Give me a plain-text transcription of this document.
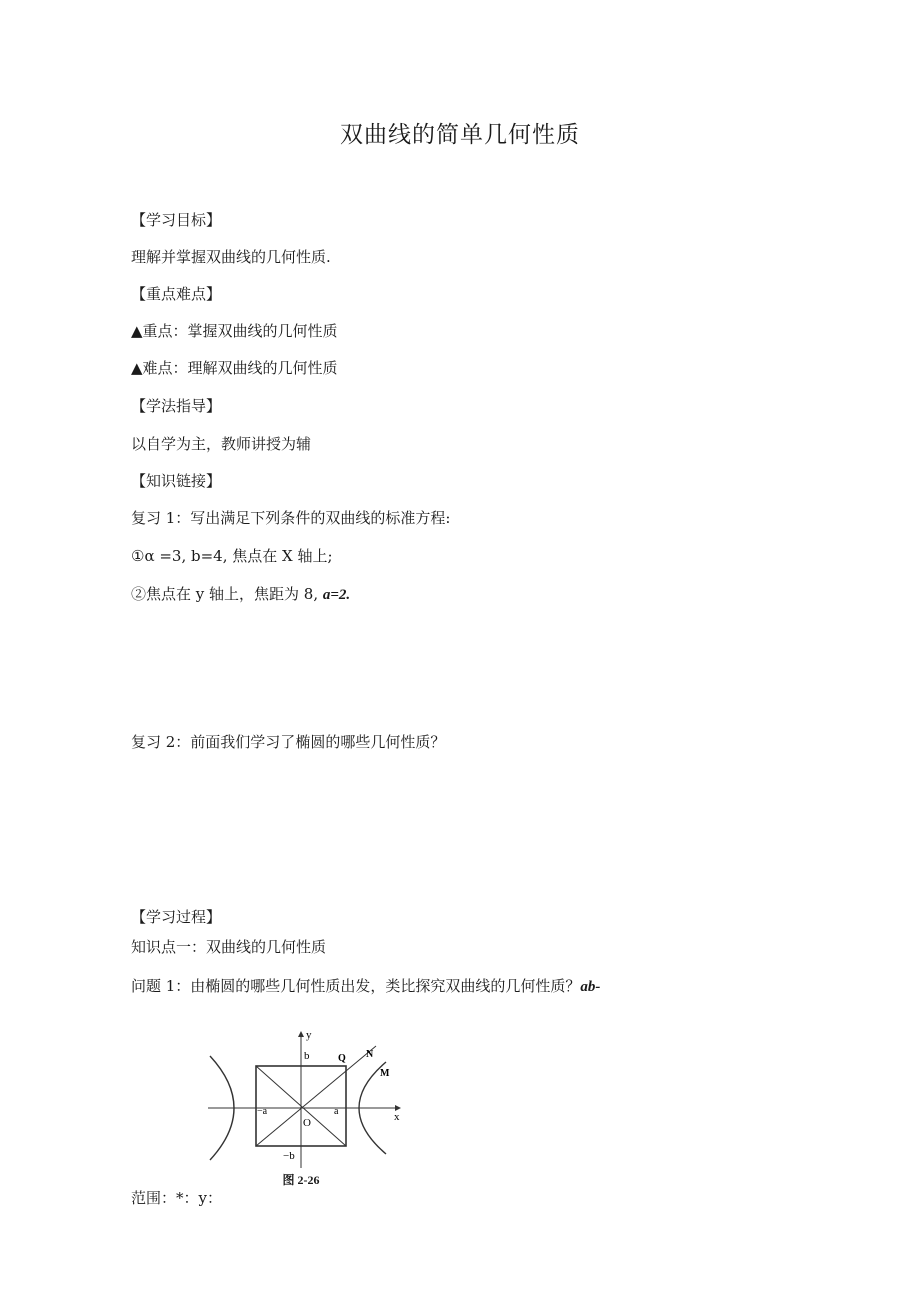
双曲线的简单几何性质
【学习目标】
理解并掌握双曲线的几何性质.
【重点难点】
▲重点：掌握双曲线的几何性质
▲难点：理解双曲线的几何性质
【学法指导】
以自学为主，教师讲授为辅
【知识链接】
复习 1：写出满足下列条件的双曲线的标准方程:
①α =3, b=4, 焦点在 X 轴上;
②焦点在 y 轴上，焦距为 8, a=2.
复习 2：前面我们学习了椭圆的哪些几何性质？
【学习过程】
知识点一：双曲线的几何性质
问题 1：由椭圆的哪些几何性质出发，类比探究双曲线的几何性质？ab-
y
x
b
−b
a
−a
O
Q N
M
图 2-26
范围：*：y：
